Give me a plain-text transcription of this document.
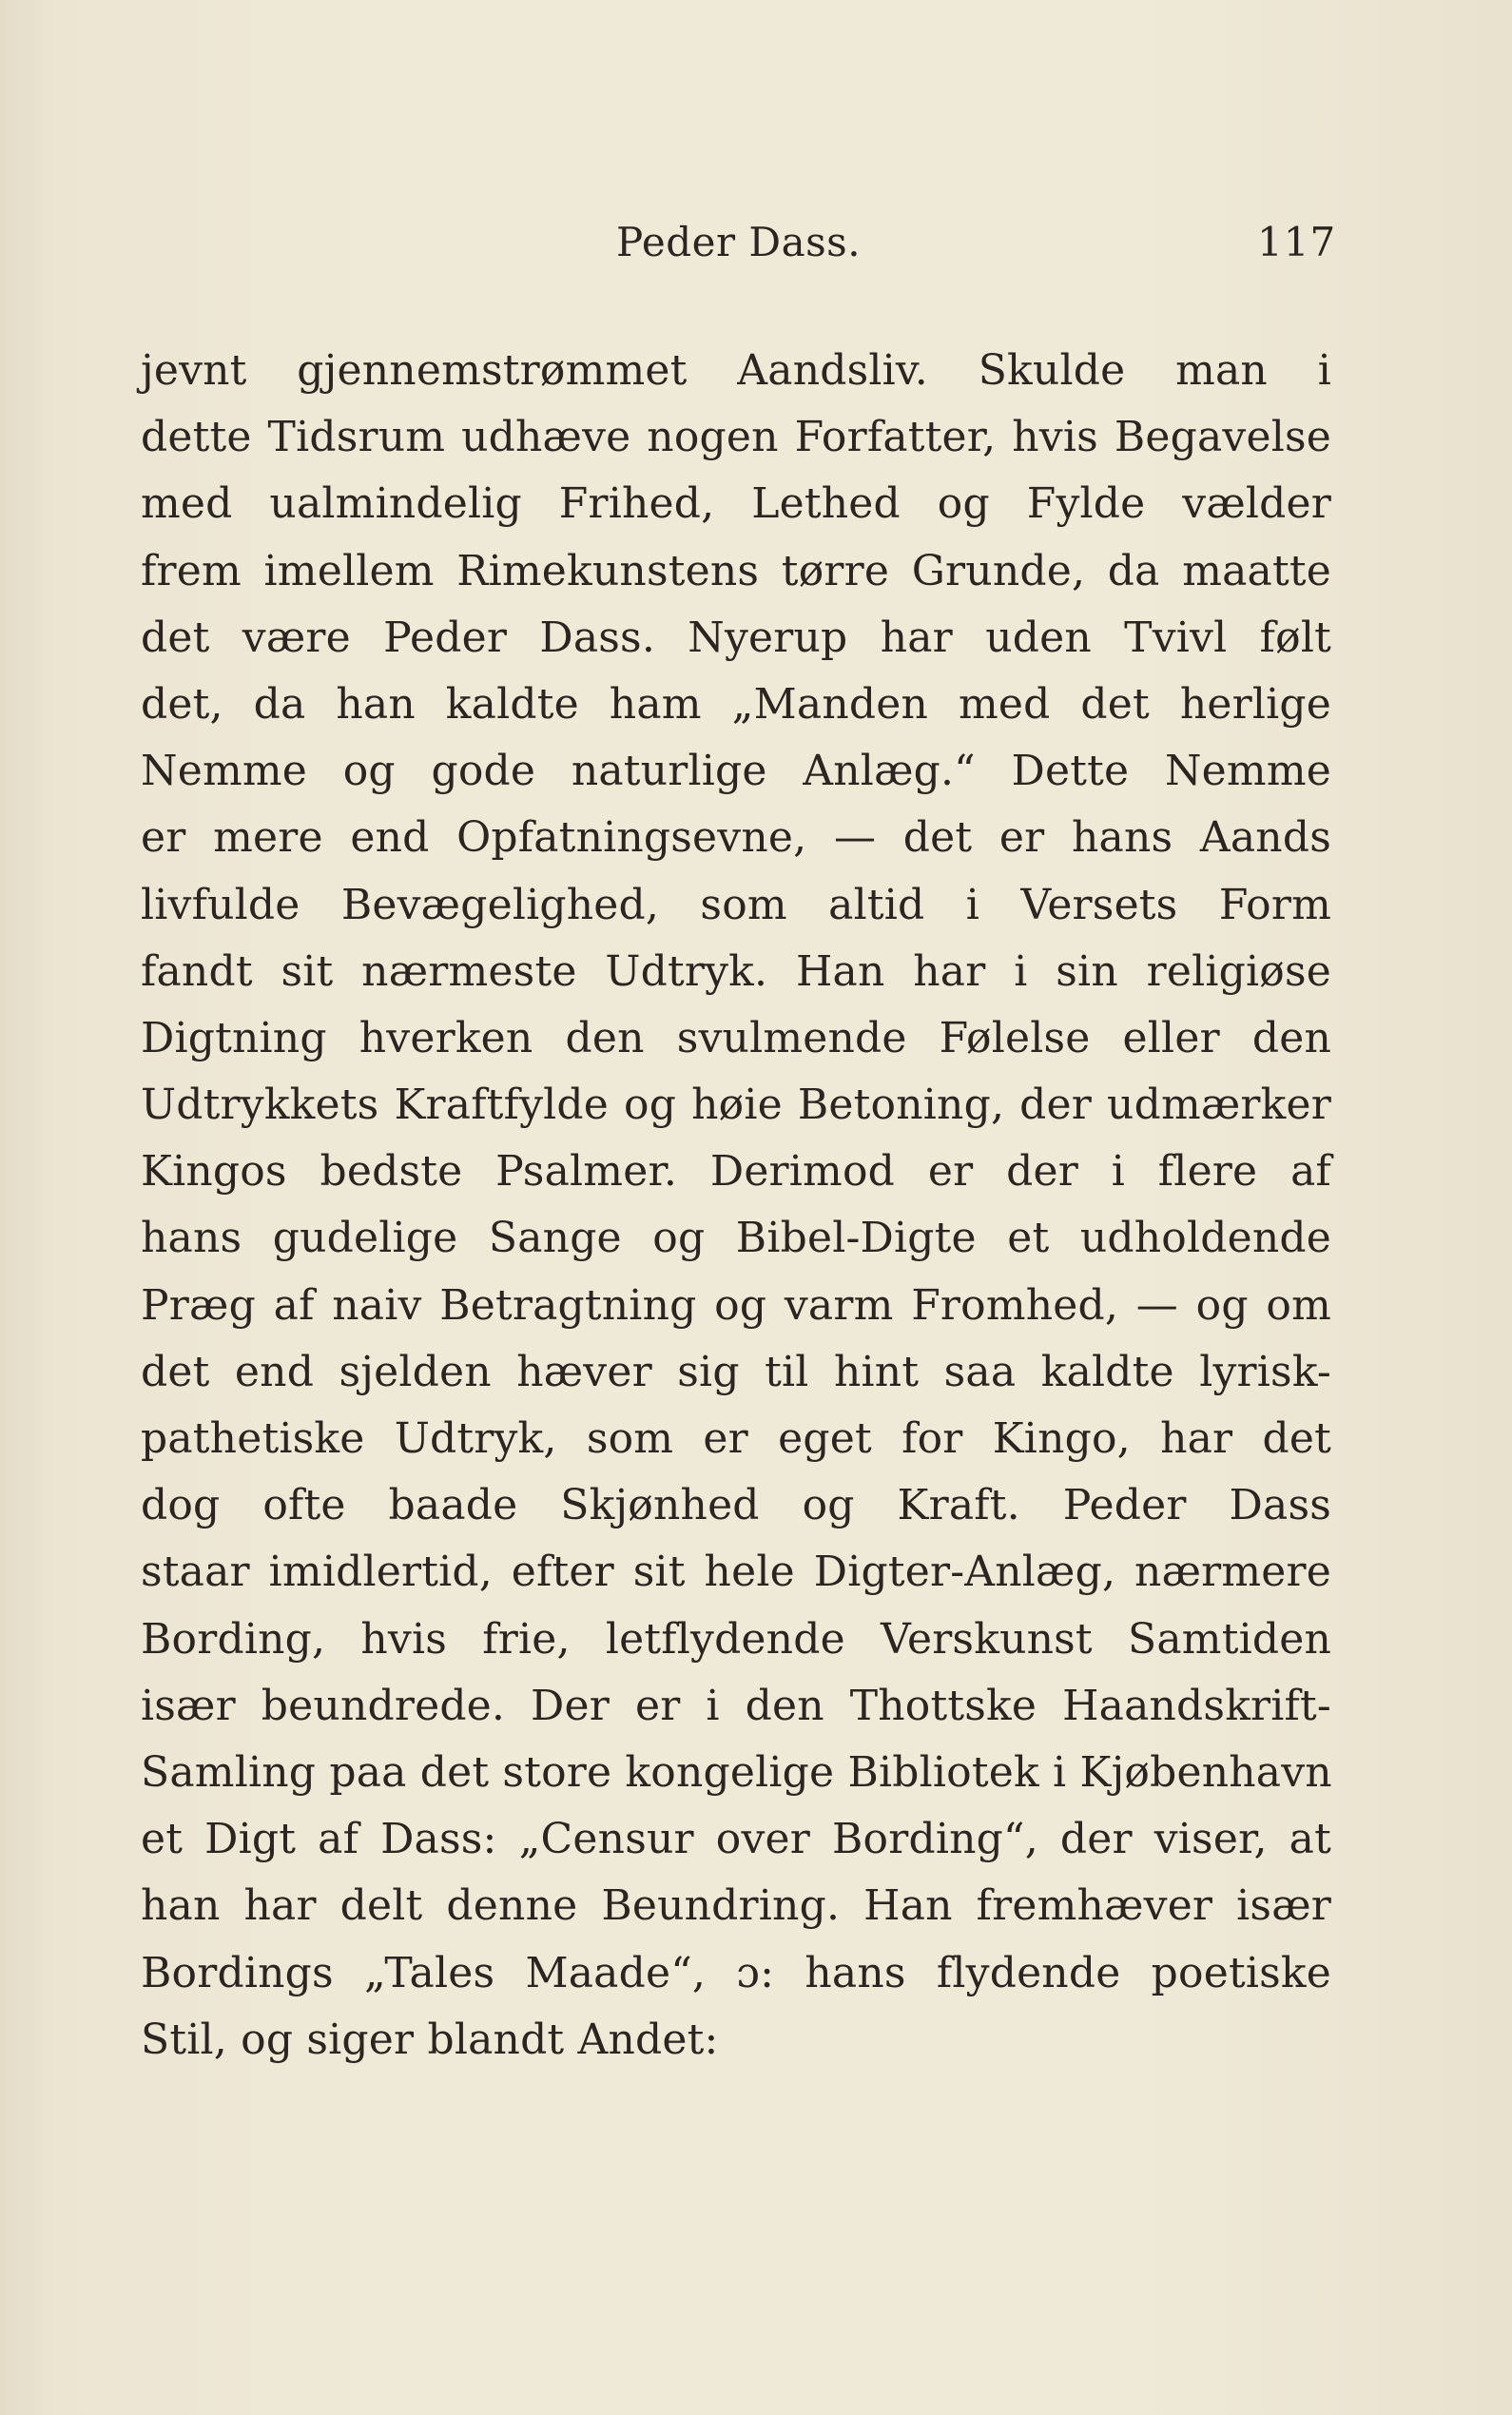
Peder Dass.	117
jevnt gjennemstrømmet Aandsliv. Skulde man i
dette Tidsrum udhæve nogen Forfatter, hvis Begavelse
med ualmindelig Frihed, Lethed og Fylde vælder
frem imellem Rimekunstens tørre Grunde, da maatte
det være Peder Dass. Nyerup har uden Tvivl følt
det, da han kaldte ham „Manden med det herlige
Nemme og gode naturlige Anlæg.“ Dette Nemme
er mere end Opfatningsevne, — det er hans Aands
livfulde Bevægelighed, som altid i Versets Form
fandt sit nærmeste Udtryk. Han har i sin religiøse
Digtning hverken den svulmende Følelse eller den
Udtrykkets Kraftfylde og høie Betoning, der udmærker
Kingos bedste Psalmer. Derimod er der i flere af
hans gudelige Sange og Bibel-Digte et udholdende
Præg af naiv Betragtning og varm Fromhed, — og om
det end sjelden hæver sig til hint saa kaldte lyrisk-
pathetiske Udtryk, som er eget for Kingo, har det
dog ofte baade Skjønhed og Kraft. Peder Dass
staar imidlertid, efter sit hele Digter-Anlæg, nærmere
Bording, hvis frie, letflydende Verskunst Samtiden
især beundrede. Der er i den Thottske Haandskrift-
Samling paa det store kongelige Bibliotek i Kjøbenhavn
et Digt af Dass: „Censur over Bording“, der viser, at
han har delt denne Beundring. Han fremhæver især
Bordings „Tales Maade“, ɔ: hans flydende poetiske
Stil, og siger blandt Andet:
